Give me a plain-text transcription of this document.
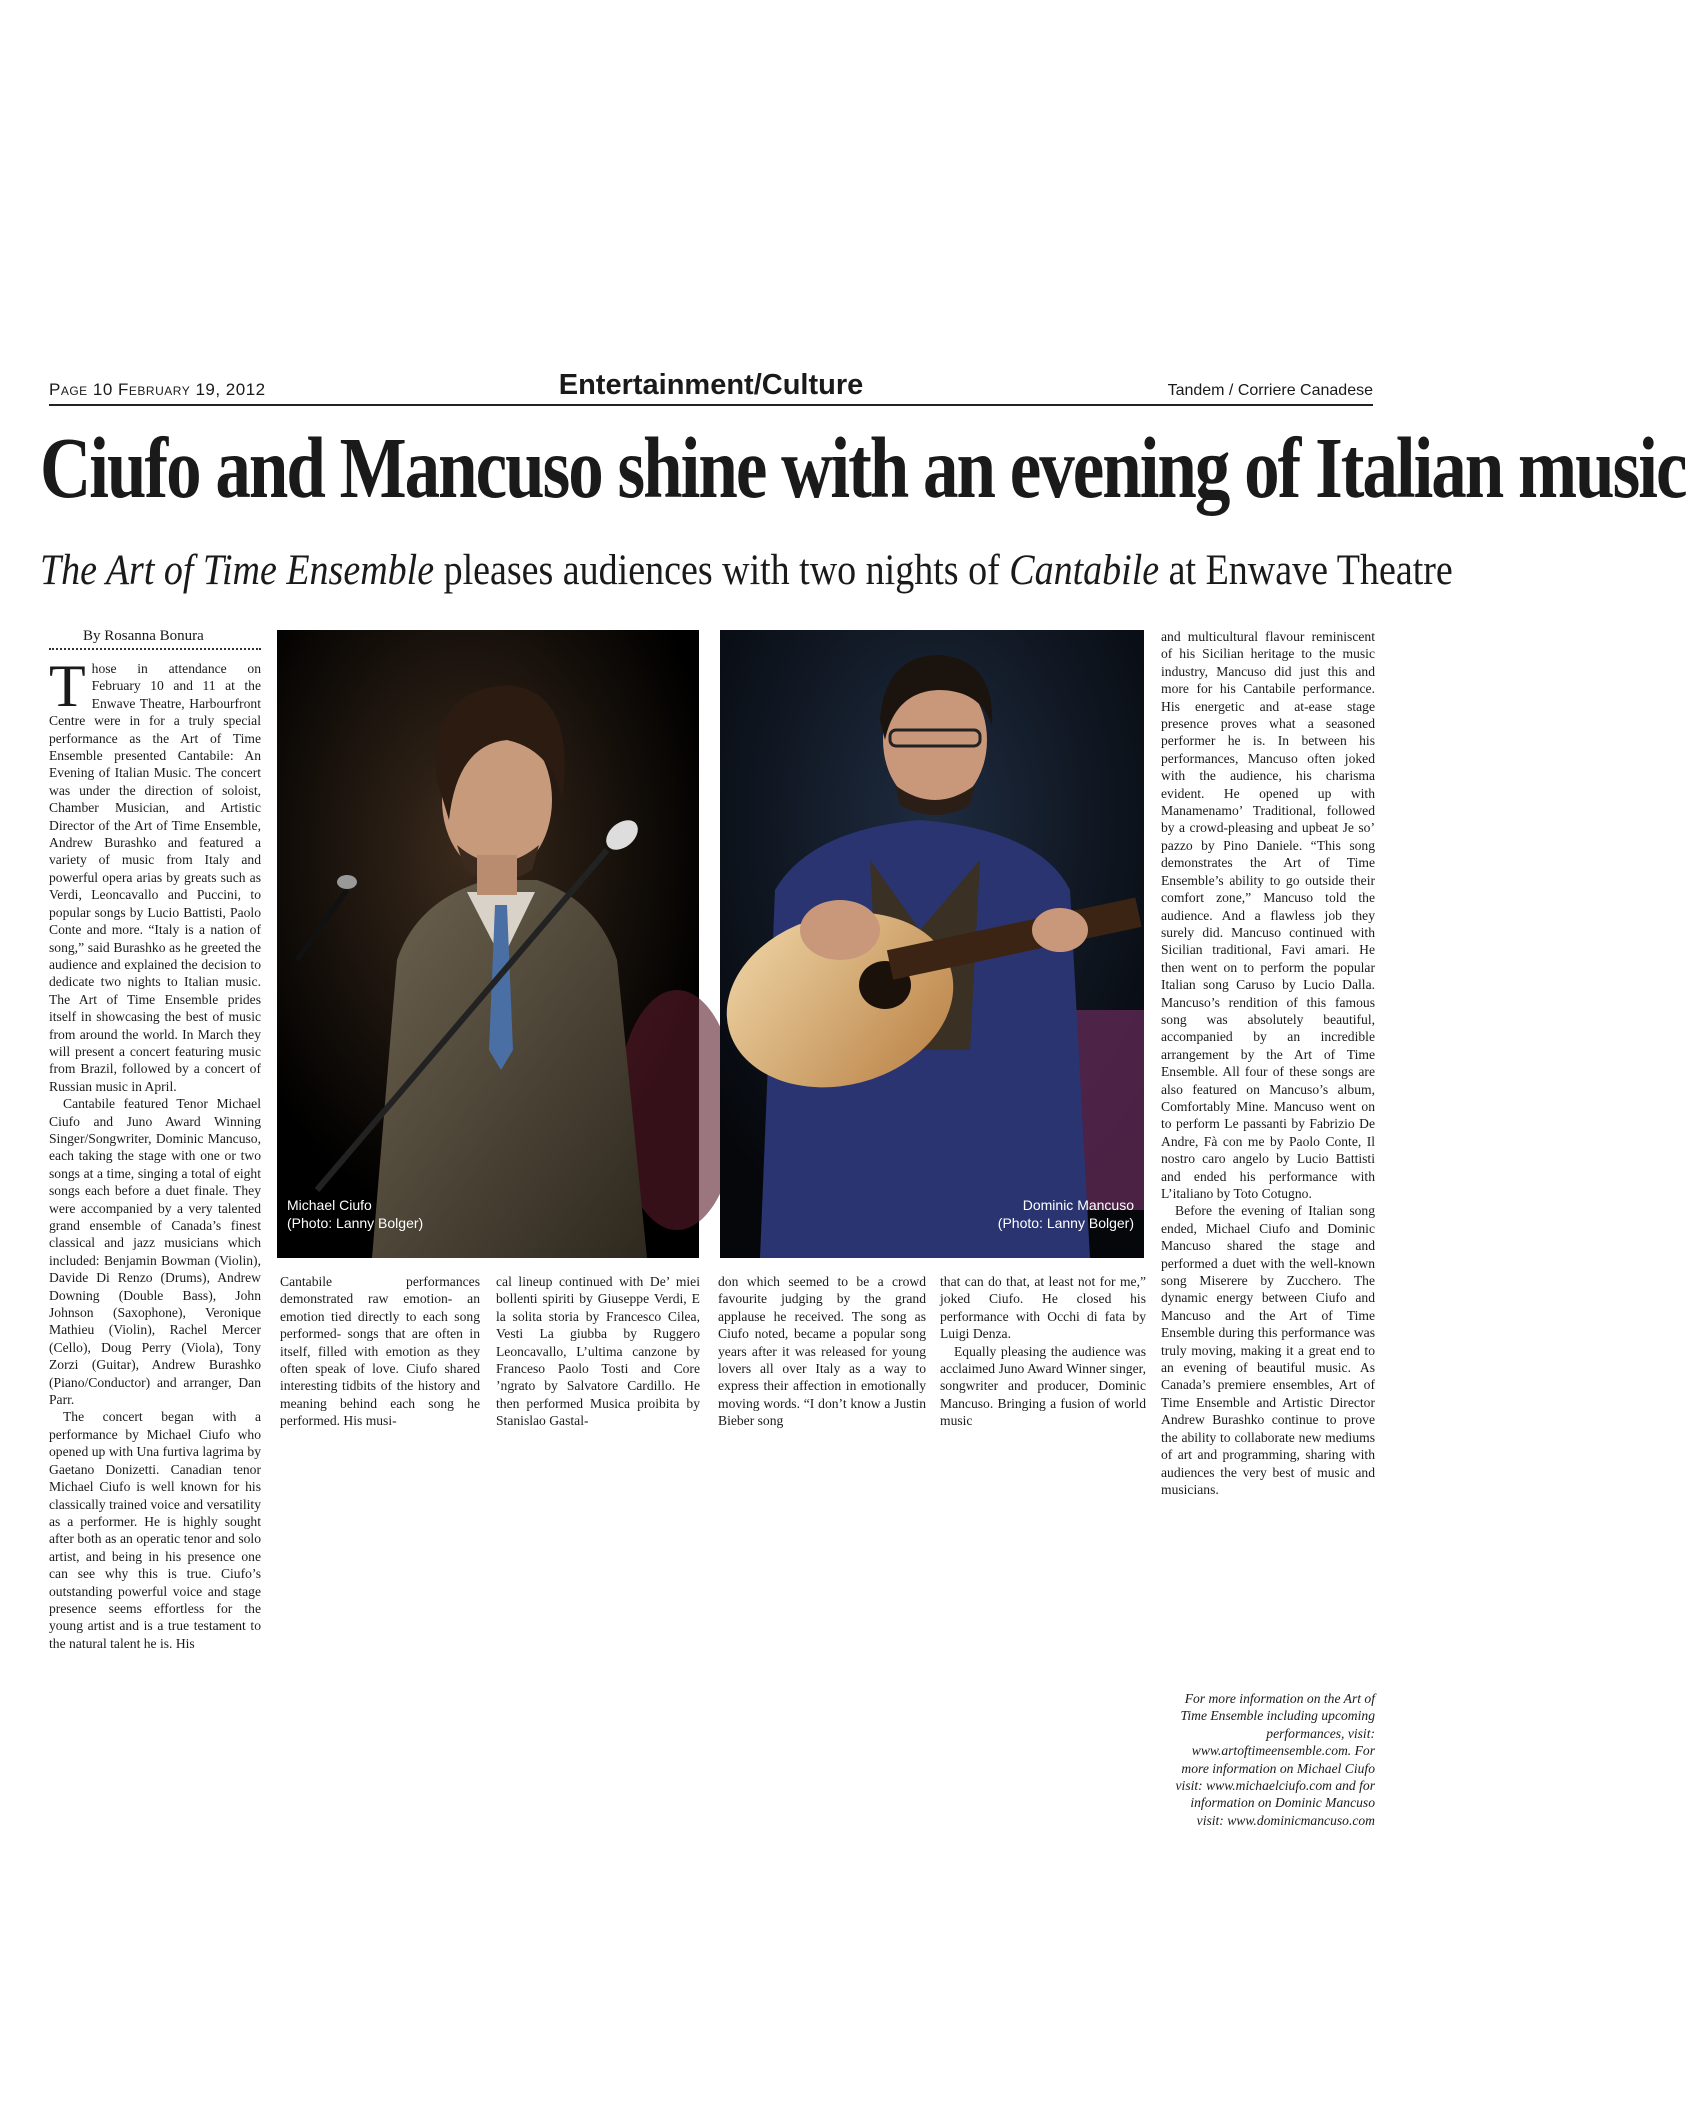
Page 10 February 19, 2012	Entertainment/Culture	Tandem / Corriere Canadese
Ciufo and Mancuso shine with an evening of Italian music
The Art of Time Ensemble pleases audiences with two nights of Cantabile at Enwave Theatre
By Rosanna Bonura

Those in attendance on February 10 and 11 at the Enwave Theatre, Harbourfront Centre were in for a truly special performance as the Art of Time Ensemble presented Cantabile: An Evening of Italian Music. The concert was under the direction of soloist, Chamber Musician, and Artistic Director of the Art of Time Ensemble, Andrew Burashko and featured a variety of music from Italy and powerful opera arias by greats such as Verdi, Leoncavallo and Puccini, to popular songs by Lucio Battisti, Paolo Conte and more. “Italy is a nation of song,” said Burashko as he greeted the audience and explained the decision to dedicate two nights to Italian music. The Art of Time Ensemble prides itself in showcasing the best of music from around the world. In March they will present a concert featuring music from Brazil, followed by a concert of Russian music in April.

Cantabile featured Tenor Michael Ciufo and Juno Award Winning Singer/Songwriter, Dominic Mancuso, each taking the stage with one or two songs at a time, singing a total of eight songs each before a duet finale. They were accompanied by a very talented grand ensemble of Canada’s finest classical and jazz musicians which included: Benjamin Bowman (Violin), Davide Di Renzo (Drums), Andrew Downing (Double Bass), John Johnson (Saxophone), Veronique Mathieu (Violin), Rachel Mercer (Cello), Doug Perry (Viola), Tony Zorzi (Guitar), Andrew Burashko (Piano/Conductor) and arranger, Dan Parr.

The concert began with a performance by Michael Ciufo who opened up with Una furtiva lagrima by Gaetano Donizetti. Canadian tenor Michael Ciufo is well known for his classically trained voice and versatility as a performer. He is highly sought after both as an operatic tenor and solo artist, and being in his presence one can see why this is true. Ciufo’s outstanding powerful voice and stage presence seems effortless for the young artist and is a true testament to the natural talent he is. His

Michael Ciufo
(Photo: Lanny Bolger)
Dominic Mancuso
(Photo: Lanny Bolger)

Cantabile performances demonstrated raw emotion- an emotion tied directly to each song performed- songs that are often in itself, filled with emotion as they often speak of love. Ciufo shared interesting tidbits of the history and meaning behind each song he performed. His musi-

cal lineup continued with De’ miei bollenti spiriti by Giuseppe Verdi, E la solita storia by Francesco Cilea, Vesti La giubba by Ruggero Leoncavallo, L’ultima canzone by Franceso Paolo Tosti and Core ’ngrato by Salvatore Cardillo. He then performed Musica proibita by Stanislao Gastal-

don which seemed to be a crowd favourite judging by the grand applause he received. The song as Ciufo noted, became a popular song years after it was released for young lovers all over Italy as a way to express their affection in emotionally moving words. “I don’t know a Justin Bieber song

that can do that, at least not for me,” joked Ciufo. He closed his performance with Occhi di fata by Luigi Denza.

Equally pleasing the audience was acclaimed Juno Award Winner singer, songwriter and producer, Dominic Mancuso. Bringing a fusion of world music

and multicultural flavour reminiscent of his Sicilian heritage to the music industry, Mancuso did just this and more for his Cantabile performance. His energetic and at-ease stage presence proves what a seasoned performer he is. In between his performances, Mancuso often joked with the audience, his charisma evident. He opened up with Manamenamo’ Traditional, followed by a crowd-pleasing and upbeat Je so’ pazzo by Pino Daniele. “This song demonstrates the Art of Time Ensemble’s ability to go outside their comfort zone,” Mancuso told the audience. And a flawless job they surely did. Mancuso continued with Sicilian traditional, Favi amari. He then went on to perform the popular Italian song Caruso by Lucio Dalla. Mancuso’s rendition of this famous song was absolutely beautiful, accompanied by an incredible arrangement by the Art of Time Ensemble. All four of these songs are also featured on Mancuso’s album, Comfortably Mine. Mancuso went on to perform Le passanti by Fabrizio De Andre, Fà con me by Paolo Conte, Il nostro caro angelo by Lucio Battisti and ended his performance with L’italiano by Toto Cotugno.

Before the evening of Italian song ended, Michael Ciufo and Dominic Mancuso shared the stage and performed a duet with the well-known song Miserere by Zucchero. The dynamic energy between Ciufo and Mancuso and the Art of Time Ensemble during this performance was truly moving, making it a great end to an evening of beautiful music. As Canada’s premiere ensembles, Art of Time Ensemble and Artistic Director Andrew Burashko continue to prove the ability to collaborate new mediums of art and programming, sharing with audiences the very best of music and musicians.

For more information on the Art of Time Ensemble including upcoming performances, visit: www.artoftimeensemble.com. For more information on Michael Ciufo visit: www.michaelciufo.com and for information on Dominic Mancuso visit: www.dominicmancuso.com
